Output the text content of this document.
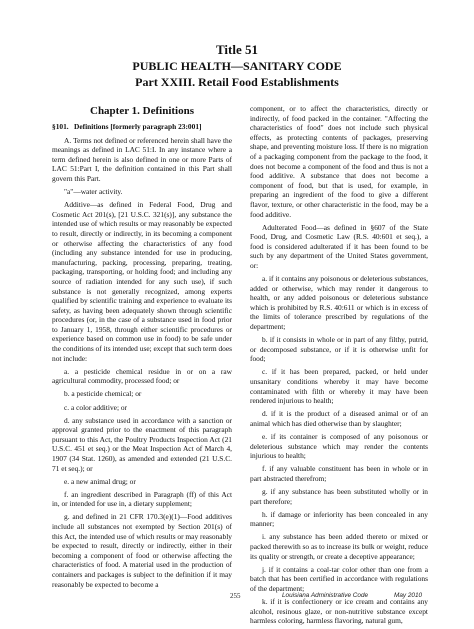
Title 51
PUBLIC HEALTH—SANITARY CODE
Part XXIII. Retail Food Establishments
Chapter 1. Definitions
§101. Definitions [formerly paragraph 23:001]

A. Terms not defined or referenced herein shall have the meanings as defined in LAC 51:I. In any instance where a term defined herein is also defined in one or more Parts of LAC 51:Part I, the definition contained in this Part shall govern this Part.

"a"—water activity.

Additive—as defined in Federal Food, Drug and Cosmetic Act 201(s), [21 U.S.C. 321(s)], any substance the intended use of which results or may reasonably be expected to result, directly or indirectly, in its becoming a component or otherwise affecting the characteristics of any food (including any substance intended for use in producing, manufacturing, packing, processing, preparing, treating, packaging, transporting, or holding food; and including any source of radiation intended for any such use), if such substance is not generally recognized, among experts qualified by scientific training and experience to evaluate its safety, as having been adequately shown through scientific procedures (or, in the case of a substance used in food prior to January 1, 1958, through either scientific procedures or experience based on common use in food) to be safe under the conditions of its intended use; except that such term does not include:

a. a pesticide chemical residue in or on a raw agricultural commodity, processed food; or

b. a pesticide chemical; or

c. a color additive; or

d. any substance used in accordance with a sanction or approval granted prior to the enactment of this paragraph pursuant to this Act, the Poultry Products Inspection Act (21 U.S.C. 451 et seq.) or the Meat Inspection Act of March 4, 1907 (34 Stat. 1260), as amended and extended (21 U.S.C. 71 et seq.); or

e. a new animal drug; or

f. an ingredient described in Paragraph (ff) of this Act in, or intended for use in, a dietary supplement;

g. and defined in 21 CFR 170.3(e)(1)—Food additives include all substances not exempted by Section 201(s) of this Act, the intended use of which results or may reasonably be expected to result, directly or indirectly, either in their becoming a component of food or otherwise affecting the characteristics of food. A material used in the production of containers and packages is subject to the definition if it may reasonably be expected to become a

component, or to affect the characteristics, directly or indirectly, of food packed in the container. "Affecting the characteristics of food" does not include such physical effects, as protecting contents of packages, preserving shape, and preventing moisture loss. If there is no migration of a packaging component from the package to the food, it does not become a component of the food and thus is not a food additive. A substance that does not become a component of food, but that is used, for example, in preparing an ingredient of the food to give a different flavor, texture, or other characteristic in the food, may be a food additive.

Adulterated Food—as defined in §607 of the State Food, Drug, and Cosmetic Law (R.S. 40:601 et seq.), a food is considered adulterated if it has been found to be such by any department of the United States government, or:

a. if it contains any poisonous or deleterious substances, added or otherwise, which may render it dangerous to health, or any added poisonous or deleterious substance which is prohibited by R.S. 40:611 or which is in excess of the limits of tolerance prescribed by regulations of the department;

b. if it consists in whole or in part of any filthy, putrid, or decomposed substance, or if it is otherwise unfit for food;

c. if it has been prepared, packed, or held under unsanitary conditions whereby it may have become contaminated with filth or whereby it may have been rendered injurious to health;

d. if it is the product of a diseased animal or of an animal which has died otherwise than by slaughter;

e. if its container is composed of any poisonous or deleterious substance which may render the contents injurious to health;

f. if any valuable constituent has been in whole or in part abstracted therefrom;

g. if any substance has been substituted wholly or in part therefore;

h. if damage or inferiority has been concealed in any manner;

i. any substance has been added thereto or mixed or packed therewith so as to increase its bulk or weight, reduce its quality or strength, or create a deceptive appearance;

j. if it contains a coal-tar color other than one from a batch that has been certified in accordance with regulations of the department;

k. if it is confectionery or ice cream and contains any alcohol, resinous glaze, or non-nutritive substance except harmless coloring, harmless flavoring, natural gum,

255	Louisiana Administrative Code	May 2010
